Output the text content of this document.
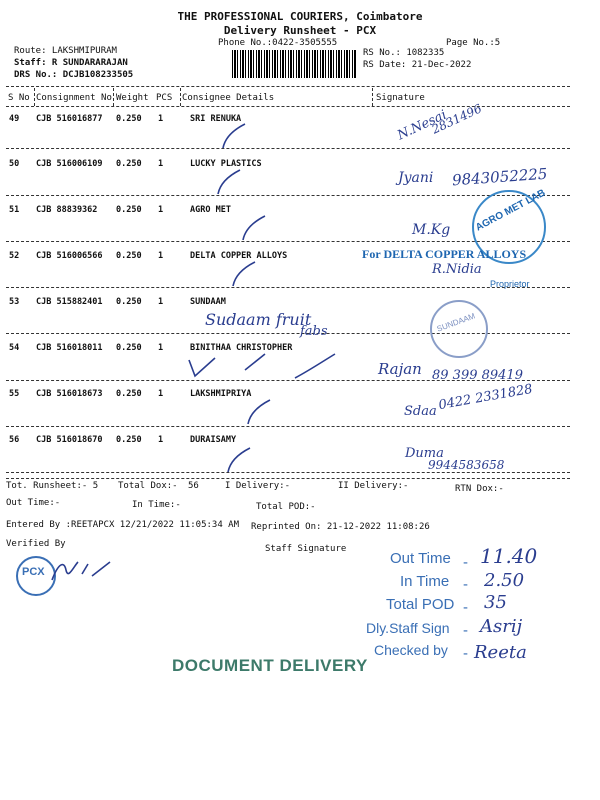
THE PROFESSIONAL COURIERS, Coimbatore
Delivery Runsheet - PCX
Phone No.:0422-3505555	Page No.:5
Route: LAKSHMIPURAM
Staff: R SUNDARARAJAN
DRS No.: DCJB108233505
RS No.: 1082335
RS Date: 21-Dec-2022
S No Consignment No Weight PCS Consignee Details	Signature
49 CJB 516016877 0.250 1	SRI RENUKA
50 CJB 516006109 0.250 1	LUCKY PLASTICS
51 CJB 88839362 0.250 1	AGRO MET
52 CJB 516006566 0.250 1	DELTA COPPER ALLOYS
53 CJB 515882401 0.250 1	SUNDAAM
54 CJB 516018011 0.250 1	BINITHAA CHRISTOPHER
55 CJB 516018673 0.250 1	LAKSHMIPRIYA
56 CJB 516018670 0.250 1	DURAISAMY
N.Nesai
2831496
Jyani 9843052225
M.Kg
R.Nidia
Sudaam fruit
fabs
Rajan 89 399 89419
Sdaa 0422 2331828
Duma
9944583658
AGRO MET LAB
For DELTA COPPER ALLOYS
Proprietor
SUNDAAM
Tot. Runsheet:- 5 Total Dox:- 56	I Delivery:-	II Delivery:-	RTN Dox:-
Out Time:-	In Time:-	Total POD:-
Entered By :REETAPCX 12/21/2022 11:05:34 AM Reprinted On: 21-12-2022 11:08:26
Verified By	Staff Signature
PCX
Out Time - 11.40
In Time - 2.50
Total POD - 35
Dly.Staff Sign - Asrij
Checked by - Reeta
DOCUMENT DELIVERY
